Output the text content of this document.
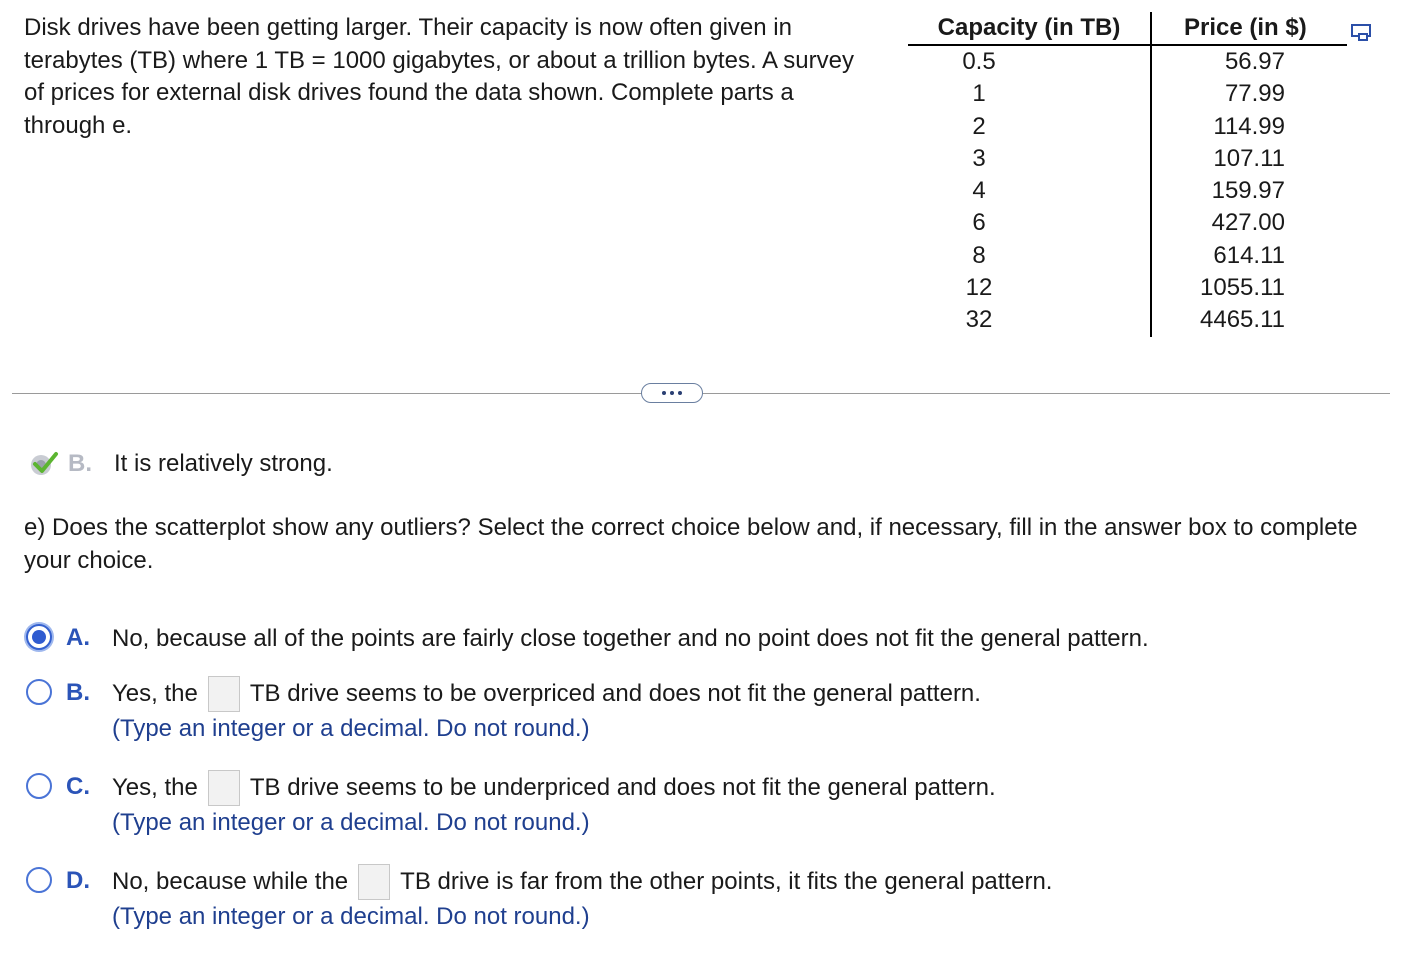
Disk drives have been getting larger. Their capacity is now often given in terabytes (TB) where 1 TB = 1000 gigabytes, or about a trillion bytes. A survey of prices for external disk drives found the data shown. Complete parts a through e.
Capacity (in TB)	Price (in $)
0.5	56.97
1	77.99
2	114.99
3	107.11
4	159.97
6	427.00
8	614.11
12	1055.11
32	4465.11
B. It is relatively strong.
e) Does the scatterplot show any outliers? Select the correct choice below and, if necessary, fill in the answer box to complete your choice.
A. No, because all of the points are fairly close together and no point does not fit the general pattern.
B. Yes, the TB drive seems to be overpriced and does not fit the general pattern.
(Type an integer or a decimal. Do not round.)
C. Yes, the TB drive seems to be underpriced and does not fit the general pattern.
(Type an integer or a decimal. Do not round.)
D. No, because while the TB drive is far from the other points, it fits the general pattern.
(Type an integer or a decimal. Do not round.)
